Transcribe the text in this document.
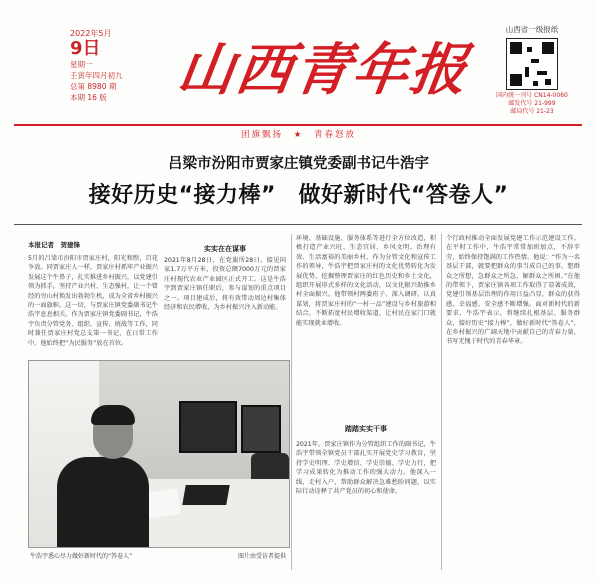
2022年5月
9日
星期一
壬寅年四月初九
总第 8980 期
本期 16 版	山西青年报
山西省一级报纸
国内统一刊号 CN14-0060
邮发代号 21-999
邮局代号 21-23
团旗飘扬 ★ 青春怒放
吕梁市汾阳市贾家庄镇党委副书记牛浩宇
接好历史“接力棒”　做好新时代“答卷人”
本报记者　贺建锋
5月的吕梁市汾阳市贾家庄村，阳光和煦，百花争放。同贾家庄人一样，贾家庄村抓牢产业振兴发展这个牛鼻子，扎实推进乡村振兴，以党建引领为抓手，坚持产业兴村、生态强村，让一个曾经的穷山村焕发出勃勃生机，成为全省乡村振兴的一面旗帜。这一切，与贾家庄镇党委副书记牛浩宇息息相关。作为贾家庄镇党委副书记，牛浩宇负责分管党务、组织、宣传、统战等工作，同时兼任贾家庄村党总支第一书记，在日常工作中，他始终把“为民服务”放在首位。
实实在在谋事
2021年8月28日，在党旗所28日，接见国家1.7万平方米，投资总额7000万元的贾家庄村现代农业产业园区正式开工。这是牛浩宇到贾家庄镇任职后，参与谋划的重点项目之一。项目建成后，将有效带动周边村集体经济和农民增收，为乡村振兴注入新动能。
环境、基础设施、服务体系等进行全方位改造，积极打造产业兴旺、生态宜居、乡风文明、治理有效、生活富裕的美丽乡村。作为分管文化和宣传工作的领导，牛浩宇把贾家庄村的文化优势转化为发展优势，挖掘整理贾家庄的红色历史和乡土文化，组织开展形式多样的文化活动，以文化振兴助推乡村全面振兴。他带领村两委班子，深入调研、认真谋划，将贾家庄村的“一村一品”建设与乡村旅游相结合，不断拓宽村民增收渠道，让村民在家门口就能实现就业增收。
踏踏实实干事
2021年，贾家庄镇作为分管组织工作的副书记，牛浩宇带领全镇党员干部扎实开展党史学习教育，坚持学史明理、学史增信、学史崇德、学史力行，把学习成果转化为推动工作的强大动力。他深入一线，走村入户，帮助群众解决急难愁盼问题，以实际行动诠释了共产党员的初心和使命。
个行政村推动全面发展党建工作示范建设工作。在平时工作中，牛浩宇常常加班加点，不辞辛劳，始终保持饱满的工作热情。他说：“作为一名基层干部，就要把群众的事当成自己的事，想群众之所想，急群众之所急，解群众之所困。”在他的带领下，贾家庄镇各项工作取得了显著成效，党建引领基层治理的作用日益凸显，群众的获得感、幸福感、安全感不断增强。面对新时代的新要求，牛浩宇表示，将继续扎根基层、服务群众，接好历史“接力棒”，做好新时代“答卷人”，在乡村振兴的广阔天地中贡献自己的青春力量，书写无愧于时代的青春华章。
牛浩宇悉心尽力做好新时代的“答卷人”	图片由受访者提供
